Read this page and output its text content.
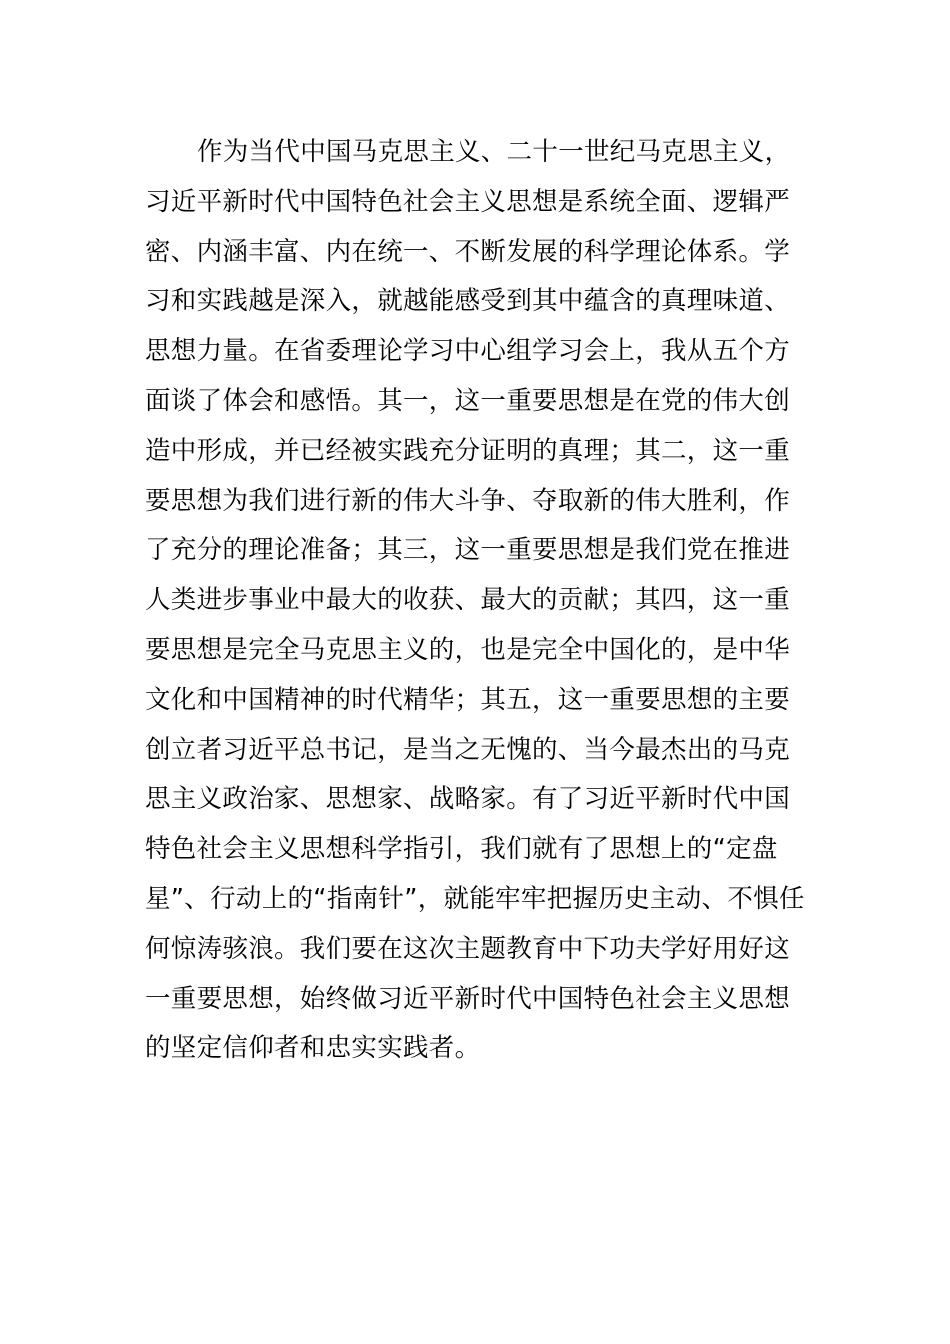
作为当代中国马克思主义、二十一世纪马克思主义，
习近平新时代中国特色社会主义思想是系统全面、逻辑严
密、内涵丰富、内在统一、不断发展的科学理论体系。学
习和实践越是深入，就越能感受到其中蕴含的真理味道、
思想力量。在省委理论学习中心组学习会上，我从五个方
面谈了体会和感悟。其一，这一重要思想是在党的伟大创
造中形成，并已经被实践充分证明的真理；其二，这一重
要思想为我们进行新的伟大斗争、夺取新的伟大胜利，作
了充分的理论准备；其三，这一重要思想是我们党在推进
人类进步事业中最大的收获、最大的贡献；其四，这一重
要思想是完全马克思主义的，也是完全中国化的，是中华
文化和中国精神的时代精华；其五，这一重要思想的主要
创立者习近平总书记，是当之无愧的、当今最杰出的马克
思主义政治家、思想家、战略家。有了习近平新时代中国
特色社会主义思想科学指引，我们就有了思想上的“定盘
星”、行动上的“指南针”，就能牢牢把握历史主动、不惧任
何惊涛骇浪。我们要在这次主题教育中下功夫学好用好这
一重要思想，始终做习近平新时代中国特色社会主义思想
的坚定信仰者和忠实实践者。
